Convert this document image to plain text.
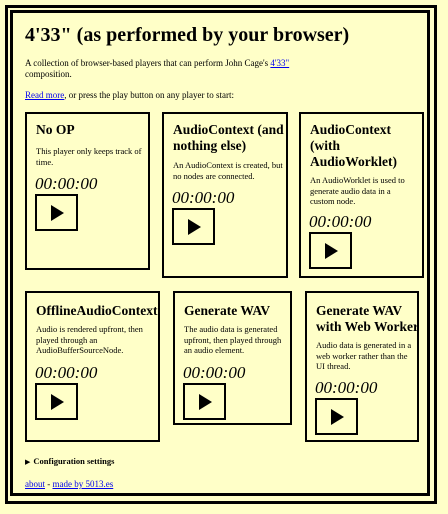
4'33" (as performed by your browser)

A collection of browser-based players that can perform John Cage's 4'33" composition.

Read more, or press the play button on any player to start:

No OP

This player only keeps track of time.

00:00:00

AudioContext (and nothing else)

An AudioContext is created, but no nodes are connected.

00:00:00

AudioContext (with AudioWorklet)

An AudioWorklet is used to generate audio data in a custom node.

00:00:00

OfflineAudioContext

Audio is rendered upfront, then played through an AudioBufferSourceNode.

00:00:00

Generate WAV

The audio data is generated upfront, then played through an audio element.

00:00:00

Generate WAV with Web Worker

Audio data is generated in a web worker rather than the UI thread.

00:00:00

▶ Configuration settings
about - made by 5013.es
